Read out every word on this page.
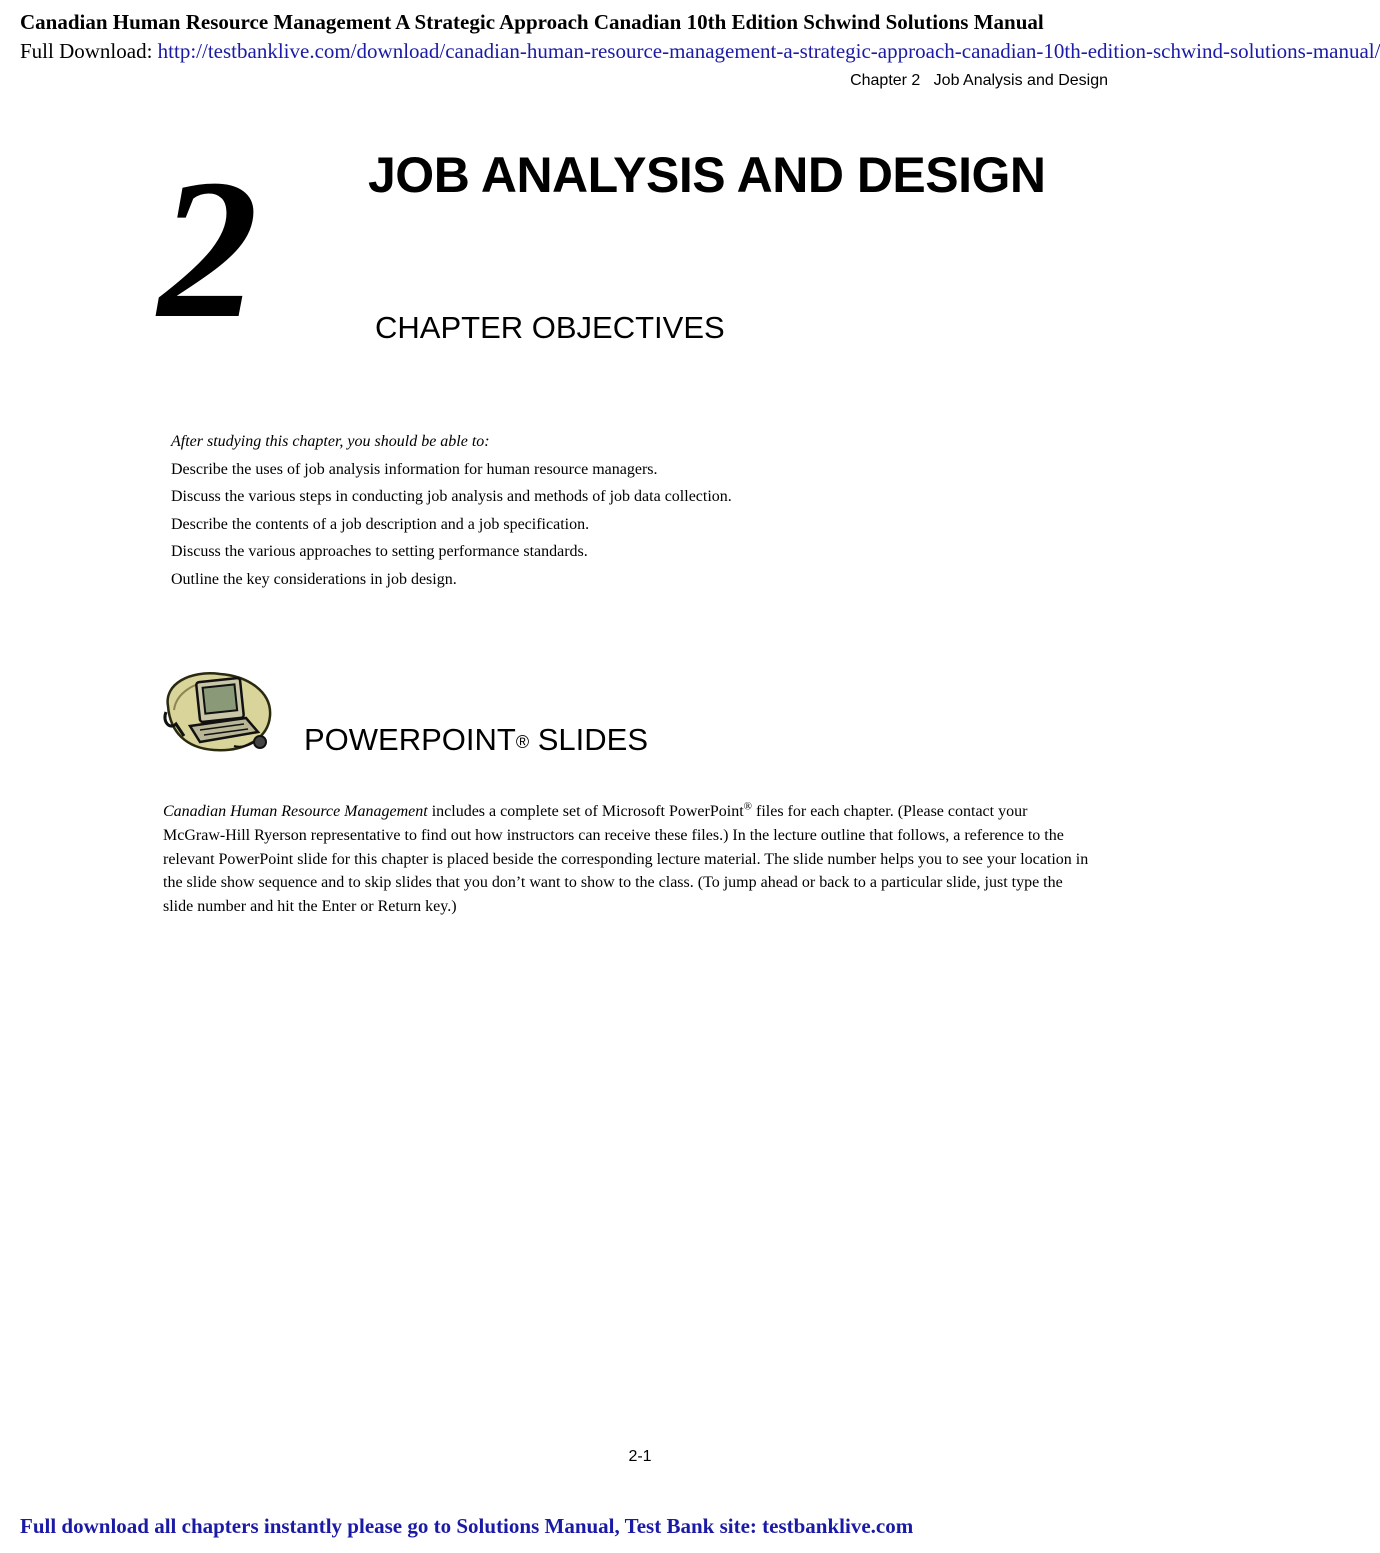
Canadian Human Resource Management A Strategic Approach Canadian 10th Edition Schwind Solutions Manual
Full Download: http://testbanklive.com/download/canadian-human-resource-management-a-strategic-approach-canadian-10th-edition-schwind-solutions-manual/
Chapter 2   Job Analysis and Design
2 JOB ANALYSIS AND DESIGN
CHAPTER OBJECTIVES
After studying this chapter, you should be able to:
Describe the uses of job analysis information for human resource managers.
Discuss the various steps in conducting job analysis and methods of job data collection.
Describe the contents of a job description and a job specification.
Discuss the various approaches to setting performance standards.
Outline the key considerations in job design.
POWERPOINT® SLIDES
Canadian Human Resource Management includes a complete set of Microsoft PowerPoint® files for each chapter. (Please contact your McGraw-Hill Ryerson representative to find out how instructors can receive these files.) In the lecture outline that follows, a reference to the relevant PowerPoint slide for this chapter is placed beside the corresponding lecture material. The slide number helps you to see your location in the slide show sequence and to skip slides that you don’t want to show to the class. (To jump ahead or back to a particular slide, just type the slide number and hit the Enter or Return key.)
2-1
Full download all chapters instantly please go to Solutions Manual, Test Bank site: testbanklive.com
